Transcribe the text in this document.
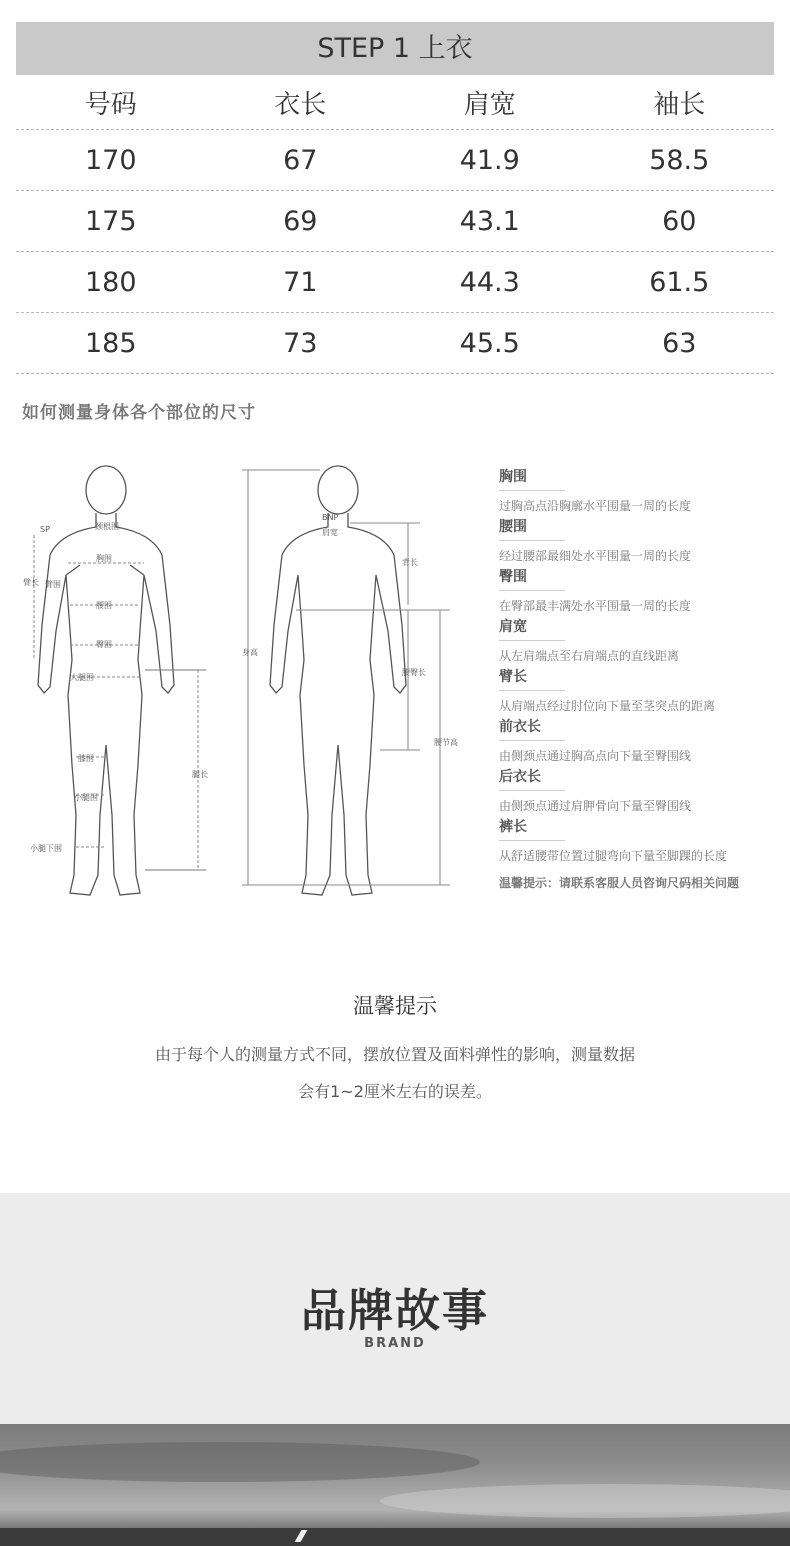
STEP 1 上衣
号码	衣长	肩宽	袖长
170	67	41.9	58.5
175	69	43.1	60
180	71	44.3	61.5
185	73	45.5	63
如何测量身体各个部位的尺寸
颈根围
SP
臂长
胸围
臂围
腰围
臀围
大腿围
膝围
小腿围
小腿下围
腿长
BNP
肩宽
背长
身高
腰臀长
腰节高
胸围
过胸高点沿胸廓水平围量一周的长度
腰围
经过腰部最细处水平围量一周的长度
臀围
在臀部最丰满处水平围量一周的长度
肩宽
从左肩端点至右肩端点的直线距离
臂长
从肩端点经过肘位向下量至茎突点的距离
前衣长
由侧颈点通过胸高点向下量至臀围线
后衣长
由侧颈点通过肩胛骨向下量至臀围线
裤长
从舒适腰带位置过腿弯向下量至脚踝的长度
温馨提示：请联系客服人员咨询尺码相关问题
温馨提示
由于每个人的测量方式不同，摆放位置及面料弹性的影响，测量数据
会有1~2厘米左右的误差。
品牌故事
BRAND
